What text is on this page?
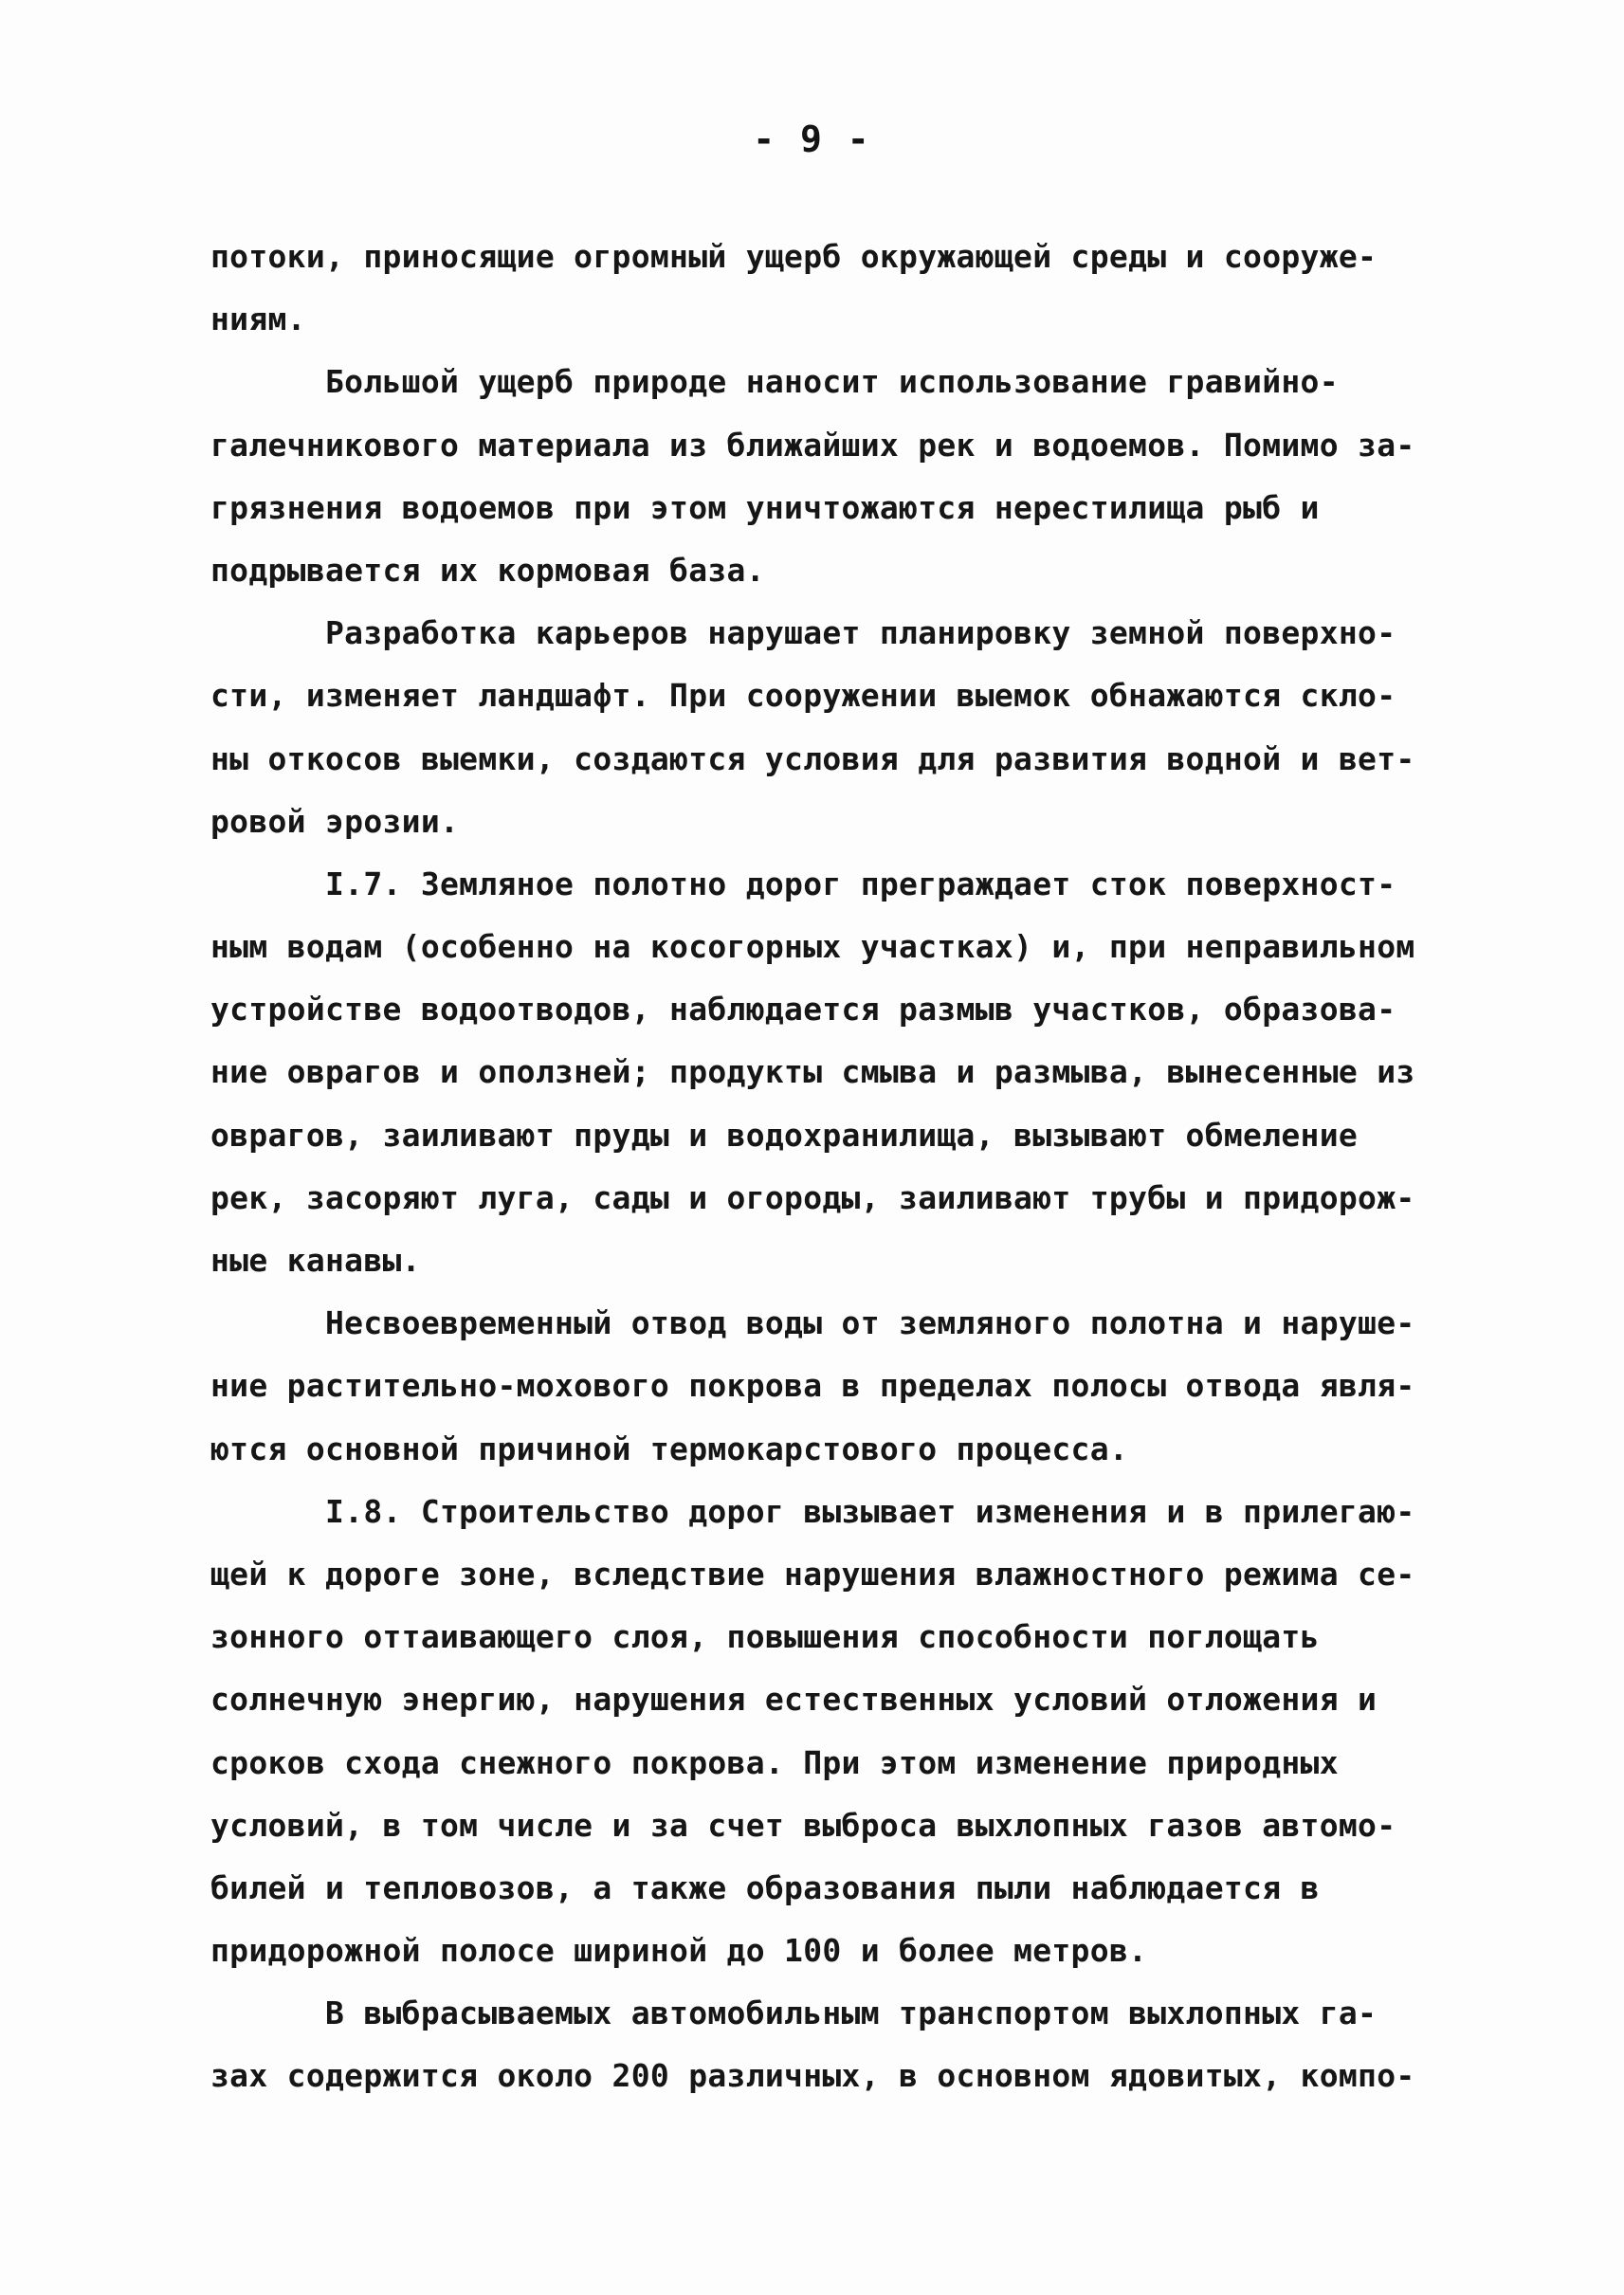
- 9 -
потоки, приносящие огромный ущерб окружающей среды и сооруже-
ниям.
Большой ущерб природе наносит использование гравийно-
галечникового материала из ближайших рек и водоемов. Помимо за-
грязнения водоемов при этом уничтожаются нерестилища рыб и
подрывается их кормовая база.
Разработка карьеров нарушает планировку земной поверхно-
сти, изменяет ландшафт. При сооружении выемок обнажаются скло-
ны откосов выемки, создаются условия для развития водной и вет-
ровой эрозии.
I.7. Земляное полотно дорог преграждает сток поверхност-
ным водам (особенно на косогорных участках) и, при неправильном
устройстве водоотводов, наблюдается размыв участков, образова-
ние оврагов и оползней; продукты смыва и размыва, вынесенные из
оврагов, заиливают пруды и водохранилища, вызывают обмеление
рек, засоряют луга, сады и огороды, заиливают трубы и придорож-
ные канавы.
Несвоевременный отвод воды от земляного полотна и наруше-
ние растительно-мохового покрова в пределах полосы отвода явля-
ются основной причиной термокарстового процесса.
I.8. Строительство дорог вызывает изменения и в прилегаю-
щей к дороге зоне, вследствие нарушения влажностного режима се-
зонного оттаивающего слоя, повышения способности поглощать
солнечную энергию, нарушения естественных условий отложения и
сроков схода снежного покрова. При этом изменение природных
условий, в том числе и за счет выброса выхлопных газов автомо-
билей и тепловозов, а также образования пыли наблюдается в
придорожной полосе шириной до 100 и более метров.
В выбрасываемых автомобильным транспортом выхлопных га-
зах содержится около 200 различных, в основном ядовитых, компо-
